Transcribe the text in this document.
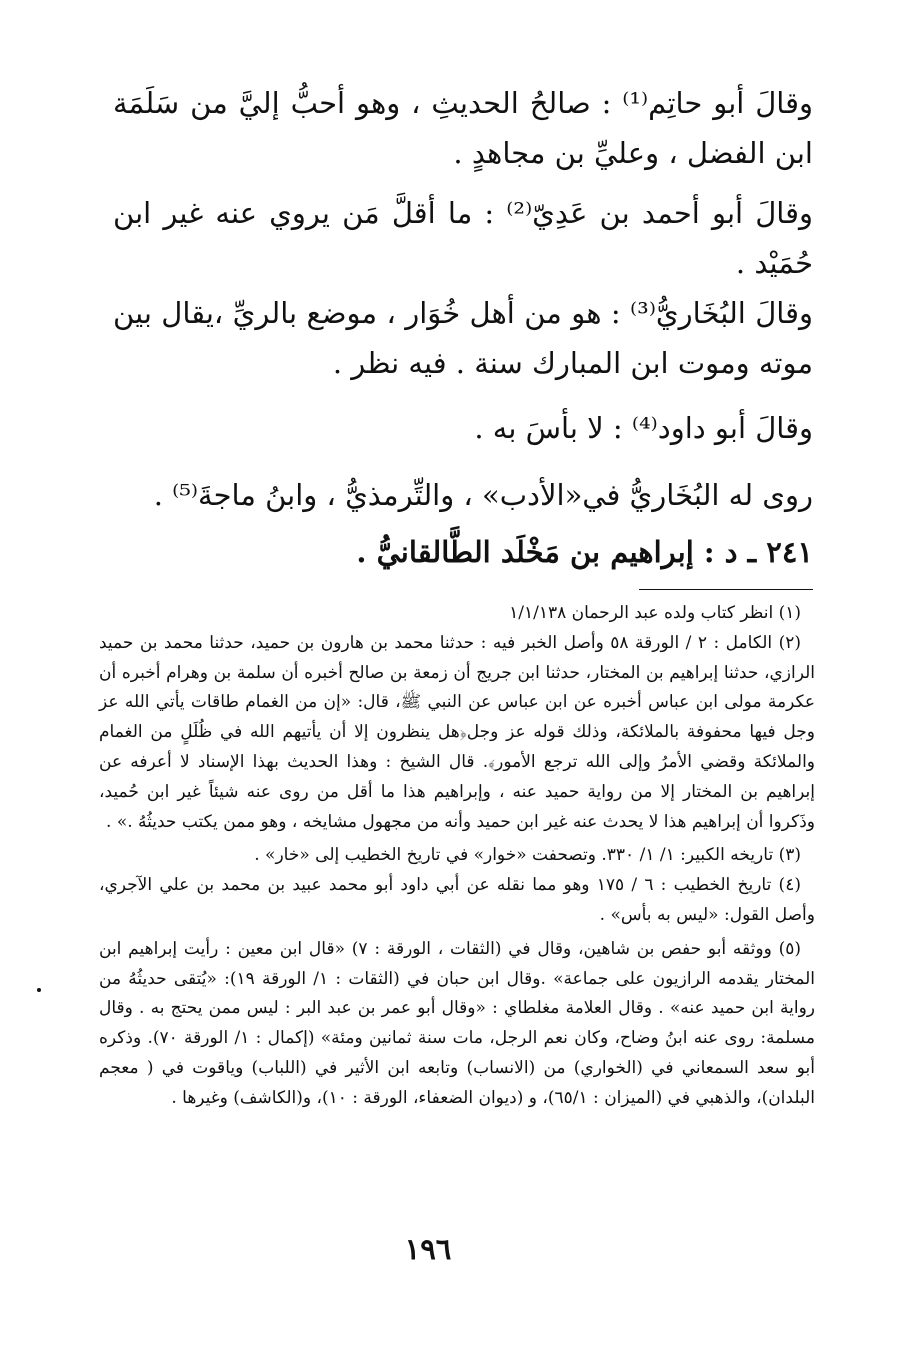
وقالَ أبو حاتِم⁽¹⁾ : صالحُ الحديثِ ، وهو أحبُّ إليَّ من سَلَمَة ابن الفضل ، وعليِّ بن مجاهدٍ .

وقالَ أبو أحمد بن عَدِيّ⁽²⁾ : ما أقلَّ مَن يروي عنه غير ابن حُمَيْد .

وقالَ البُخَاريُّ⁽³⁾ : هو من أهل خُوَار ، موضع بالريِّ ،يقال بين موته وموت ابن المبارك سنة . فيه نظر .

وقالَ أبو داود⁽⁴⁾ : لا بأسَ به .

روى له البُخَاريُّ في«الأدب» ، والتِّرمذيُّ ، وابنُ ماجةَ⁽⁵⁾ .

٢٤١ ـ د : إبراهيم بن مَخْلَد الطَّالقانيُّ .

(١) انظر كتاب ولده عبد الرحمان ١/١/١٣٨

(٢) الكامل : ٢ / الورقة ٥٨ وأصل الخبر فيه : حدثنا محمد بن هارون بن حميد، حدثنا محمد بن حميد الرازي، حدثنا إبراهيم بن المختار، حدثنا ابن جريج أن زمعة بن صالح أخبره أن سلمة بن وهرام أخبره أن عكرمة مولى ابن عباس أخبره عن ابن عباس عن النبي ﷺ، قال: «إن من الغمام طاقات يأتي الله عز وجل فيها محفوفة بالملائكة، وذلك قوله عز وجل﴿هل ينظرون إلا أن يأتيهم الله في ظُلَلٍ من الغمام والملائكة وقضي الأمرُ وإلى الله ترجع الأمور﴾. قال الشيخ : وهذا الحديث بهذا الإسناد لا أعرفه عن إبراهيم بن المختار إلا من رواية حميد عنه ، وإبراهيم هذا ما أقل من روى عنه شيئاً غير ابن حُميد، وذَكروا أن إبراهيم هذا لا يحدث عنه غير ابن حميد وأنه من مجهول مشايخه ، وهو ممن يكتب حديثُهُ .» .

(٣) تاريخه الكبير: ١/ ١/ ٣٣٠. وتصحفت «خوار» في تاريخ الخطيب إلى «خار» .

(٤) تاريخ الخطيب : ٦ / ١٧٥ وهو مما نقله عن أبي داود أبو محمد عبيد بن محمد بن علي الآجري، وأصل القول: «ليس به بأس» .

(٥) ووثقه أبو حفص بن شاهين، وقال في (الثقات ، الورقة : ٧) «قال ابن معين : رأيت إبراهيم ابن المختار يقدمه الرازيون على جماعة» .وقال ابن حبان في (الثقات : ١/ الورقة ١٩): «يُتقى حديثُهُ من رواية ابن حميد عنه» . وقال العلامة مغلطاي : «وقال أبو عمر بن عبد البر : ليس ممن يحتج به . وقال مسلمة: روى عنه ابنُ وضاح، وكان نعم الرجل، مات سنة ثمانين ومئة» (إكمال : ١/ الورقة ٧٠). وذكره أبو سعد السمعاني في (الخواري) من (الانساب) وتابعه ابن الأثير في (اللباب) وياقوت في ( معجم البلدان)، والذهبي في (الميزان : ٦٥/١)، و (ديوان الضعفاء، الورقة : ١٠)، و(الكاشف) وغيرها .

١٩٦
